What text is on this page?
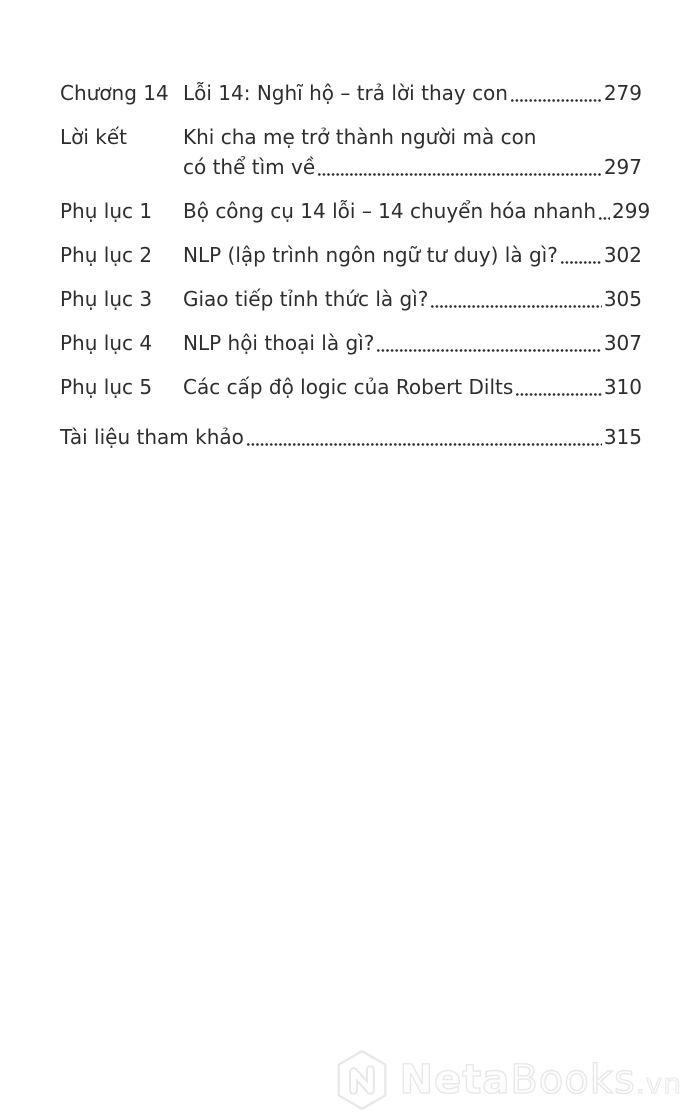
Chương 14 Lỗi 14: Nghĩ hộ – trả lời thay con	279
Lời kết	Khi cha mẹ trở thành người mà con
có thể tìm về	297
Phụ lục 1	Bộ công cụ 14 lỗi – 14 chuyển hóa nhanh 299
Phụ lục 2	NLP (lập trình ngôn ngữ tư duy) là gì? 302
Phụ lục 3	Giao tiếp tỉnh thức là gì?	305
Phụ lục 4	NLP hội thoại là gì?	307
Phụ lục 5	Các cấp độ logic của Robert Dilts	310
Tài liệu tham khảo	315
NetaBooks.vn
